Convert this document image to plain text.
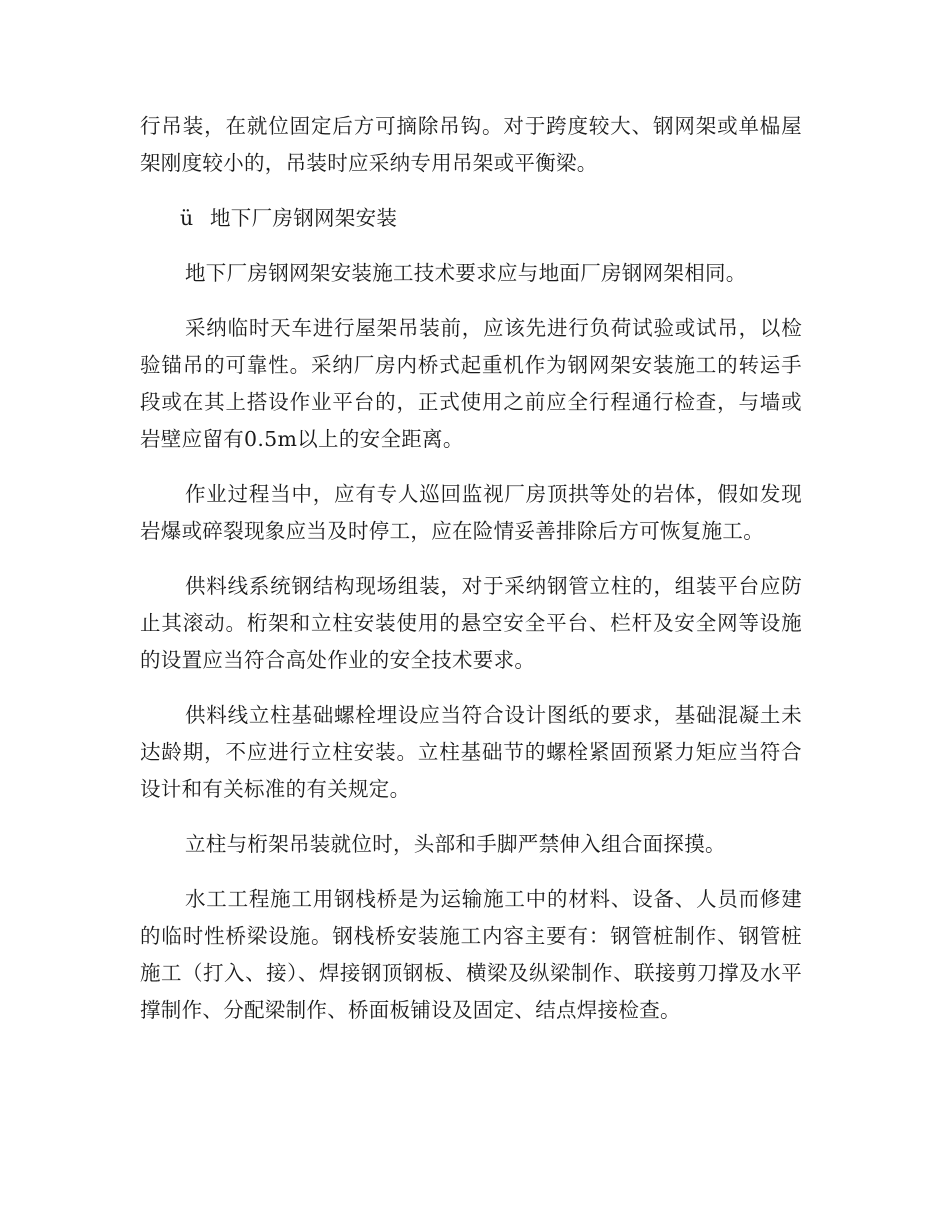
行吊装，在就位固定后方可摘除吊钩。对于跨度较大、钢网架或单榀屋架刚度较小的，吊装时应采纳专用吊架或平衡梁。

ü 地下厂房钢网架安装

地下厂房钢网架安装施工技术要求应与地面厂房钢网架相同。

采纳临时天车进行屋架吊装前，应该先进行负荷试验或试吊，以检验锚吊的可靠性。采纳厂房内桥式起重机作为钢网架安装施工的转运手段或在其上搭设作业平台的，正式使用之前应全行程通行检查，与墙或岩壁应留有0.5m以上的安全距离。

作业过程当中，应有专人巡回监视厂房顶拱等处的岩体，假如发现岩爆或碎裂现象应当及时停工，应在险情妥善排除后方可恢复施工。

供料线系统钢结构现场组装，对于采纳钢管立柱的，组装平台应防止其滚动。桁架和立柱安装使用的悬空安全平台、栏杆及安全网等设施的设置应当符合高处作业的安全技术要求。

供料线立柱基础螺栓埋设应当符合设计图纸的要求，基础混凝土未达龄期，不应进行立柱安装。立柱基础节的螺栓紧固预紧力矩应当符合设计和有关标准的有关规定。

立柱与桁架吊装就位时，头部和手脚严禁伸入组合面探摸。

水工工程施工用钢栈桥是为运输施工中的材料、设备、人员而修建的临时性桥梁设施。钢栈桥安装施工内容主要有：钢管桩制作、钢管桩施工（打入、接）、焊接钢顶钢板、横梁及纵梁制作、联接剪刀撑及水平撑制作、分配梁制作、桥面板铺设及固定、结点焊接检查。
